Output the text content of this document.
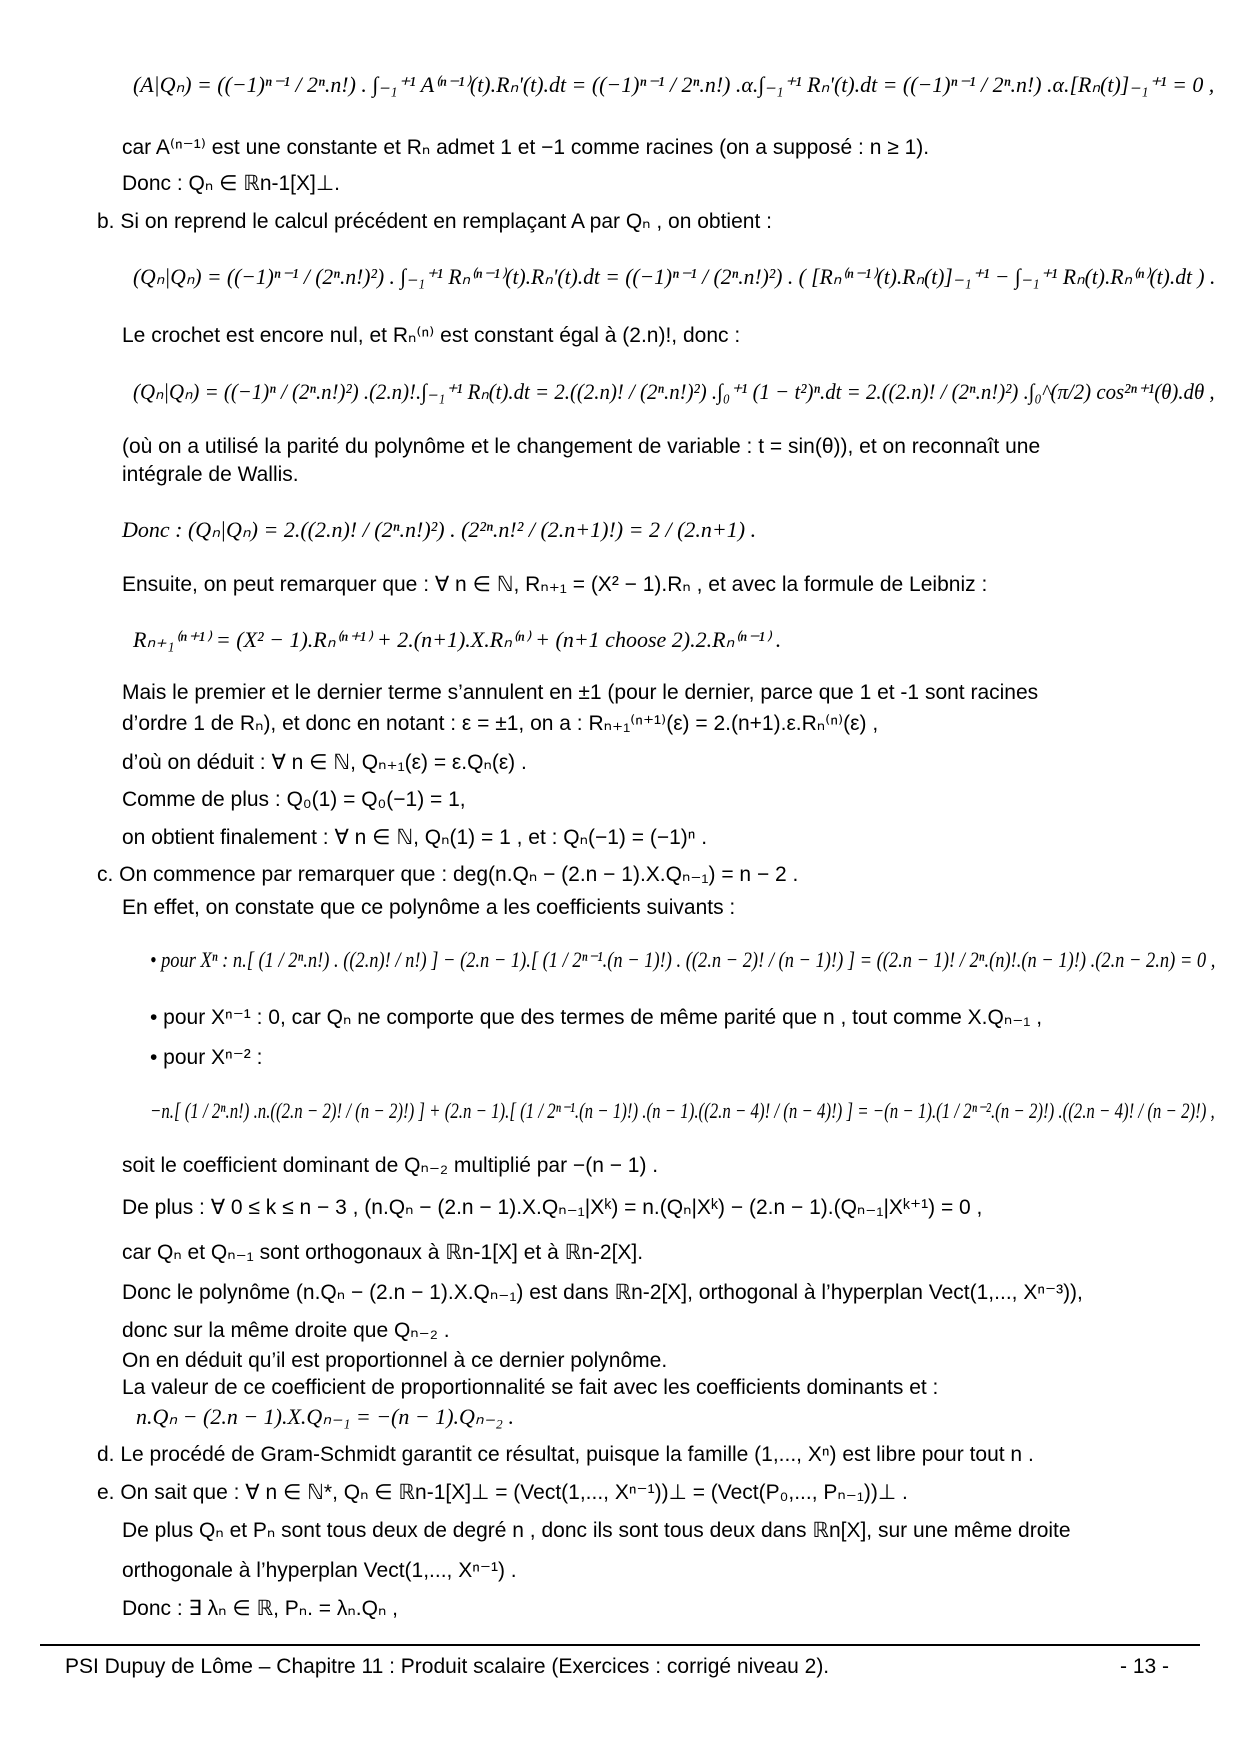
(A|Qₙ) = ((−1)ⁿ⁻¹ / 2ⁿ.n!) . ∫₋₁⁺¹ A⁽ⁿ⁻¹⁾(t).Rₙ'(t).dt = ((−1)ⁿ⁻¹ / 2ⁿ.n!) .α.∫₋₁⁺¹ Rₙ'(t).dt = ((−1)ⁿ⁻¹ / 2ⁿ.n!) .α.[Rₙ(t)]₋₁⁺¹ = 0 ,
car A⁽ⁿ⁻¹⁾ est une constante et Rₙ admet 1 et −1 comme racines (on a supposé : n ≥ 1).
Donc : Qₙ ∈ ℝn-1[X]⊥.
b. Si on reprend le calcul précédent en remplaçant A par Qₙ , on obtient :
(Qₙ|Qₙ) = ((−1)ⁿ⁻¹ / (2ⁿ.n!)²) . ∫₋₁⁺¹ Rₙ⁽ⁿ⁻¹⁾(t).Rₙ'(t).dt = ((−1)ⁿ⁻¹ / (2ⁿ.n!)²) . ( [Rₙ⁽ⁿ⁻¹⁾(t).Rₙ(t)]₋₁⁺¹ − ∫₋₁⁺¹ Rₙ(t).Rₙ⁽ⁿ⁾(t).dt ) .
Le crochet est encore nul, et Rₙ⁽ⁿ⁾ est constant égal à (2.n)!, donc :
(Qₙ|Qₙ) = ((−1)ⁿ / (2ⁿ.n!)²) .(2.n)!.∫₋₁⁺¹ Rₙ(t).dt = 2.((2.n)! / (2ⁿ.n!)²) .∫₀⁺¹ (1 − t²)ⁿ.dt = 2.((2.n)! / (2ⁿ.n!)²) .∫₀^(π/2) cos²ⁿ⁺¹(θ).dθ ,
(où on a utilisé la parité du polynôme et le changement de variable : t = sin(θ)), et on reconnaît une
intégrale de Wallis.
Donc : (Qₙ|Qₙ) = 2.((2.n)! / (2ⁿ.n!)²) . (2²ⁿ.n!² / (2.n+1)!) = 2 / (2.n+1) .
Ensuite, on peut remarquer que : ∀ n ∈ ℕ, Rₙ₊₁ = (X² − 1).Rₙ , et avec la formule de Leibniz :
Rₙ₊₁⁽ⁿ⁺¹⁾ = (X² − 1).Rₙ⁽ⁿ⁺¹⁾ + 2.(n+1).X.Rₙ⁽ⁿ⁾ + (n+1 choose 2).2.Rₙ⁽ⁿ⁻¹⁾ .
Mais le premier et le dernier terme s’annulent en ±1 (pour le dernier, parce que 1 et -1 sont racines
d’ordre 1 de Rₙ), et donc en notant : ε = ±1, on a : Rₙ₊₁⁽ⁿ⁺¹⁾(ε) = 2.(n+1).ε.Rₙ⁽ⁿ⁾(ε) ,
d’où on déduit : ∀ n ∈ ℕ, Qₙ₊₁(ε) = ε.Qₙ(ε) .
Comme de plus : Q₀(1) = Q₀(−1) = 1,
on obtient finalement : ∀ n ∈ ℕ, Qₙ(1) = 1 , et : Qₙ(−1) = (−1)ⁿ .
c. On commence par remarquer que : deg(n.Qₙ − (2.n − 1).X.Qₙ₋₁) = n − 2 .
En effet, on constate que ce polynôme a les coefficients suivants :
• pour Xⁿ : n.[ (1 / 2ⁿ.n!) . ((2.n)! / n!) ] − (2.n − 1).[ (1 / 2ⁿ⁻¹.(n − 1)!) . ((2.n − 2)! / (n − 1)!) ] = ((2.n − 1)! / 2ⁿ.(n)!.(n − 1)!) .(2.n − 2.n) = 0 ,
• pour Xⁿ⁻¹ : 0, car Qₙ ne comporte que des termes de même parité que n , tout comme X.Qₙ₋₁ ,
• pour Xⁿ⁻² :
−n.[ (1 / 2ⁿ.n!) .n.((2.n − 2)! / (n − 2)!) ] + (2.n − 1).[ (1 / 2ⁿ⁻¹.(n − 1)!) .(n − 1).((2.n − 4)! / (n − 4)!) ] = −(n − 1).(1 / 2ⁿ⁻².(n − 2)!) .((2.n − 4)! / (n − 2)!) ,
soit le coefficient dominant de Qₙ₋₂ multiplié par −(n − 1) .
De plus : ∀ 0 ≤ k ≤ n − 3 , (n.Qₙ − (2.n − 1).X.Qₙ₋₁|Xᵏ) = n.(Qₙ|Xᵏ) − (2.n − 1).(Qₙ₋₁|Xᵏ⁺¹) = 0 ,
car Qₙ et Qₙ₋₁ sont orthogonaux à ℝn-1[X] et à ℝn-2[X].
Donc le polynôme (n.Qₙ − (2.n − 1).X.Qₙ₋₁) est dans ℝn-2[X], orthogonal à l’hyperplan Vect(1,..., Xⁿ⁻³)),
donc sur la même droite que Qₙ₋₂ .
On en déduit qu’il est proportionnel à ce dernier polynôme.
La valeur de ce coefficient de proportionnalité se fait avec les coefficients dominants et :
n.Qₙ − (2.n − 1).X.Qₙ₋₁ = −(n − 1).Qₙ₋₂ .
d. Le procédé de Gram-Schmidt garantit ce résultat, puisque la famille (1,..., Xⁿ) est libre pour tout n .
e. On sait que : ∀ n ∈ ℕ*, Qₙ ∈ ℝn-1[X]⊥ = (Vect(1,..., Xⁿ⁻¹))⊥ = (Vect(P₀,..., Pₙ₋₁))⊥ .
De plus Qₙ et Pₙ sont tous deux de degré n , donc ils sont tous deux dans ℝn[X], sur une même droite
orthogonale à l’hyperplan Vect(1,..., Xⁿ⁻¹) .
Donc : ∃ λₙ ∈ ℝ, Pₙ. = λₙ.Qₙ ,
PSI Dupuy de Lôme – Chapitre 11 : Produit scalaire (Exercices : corrigé niveau 2).	- 13 -
